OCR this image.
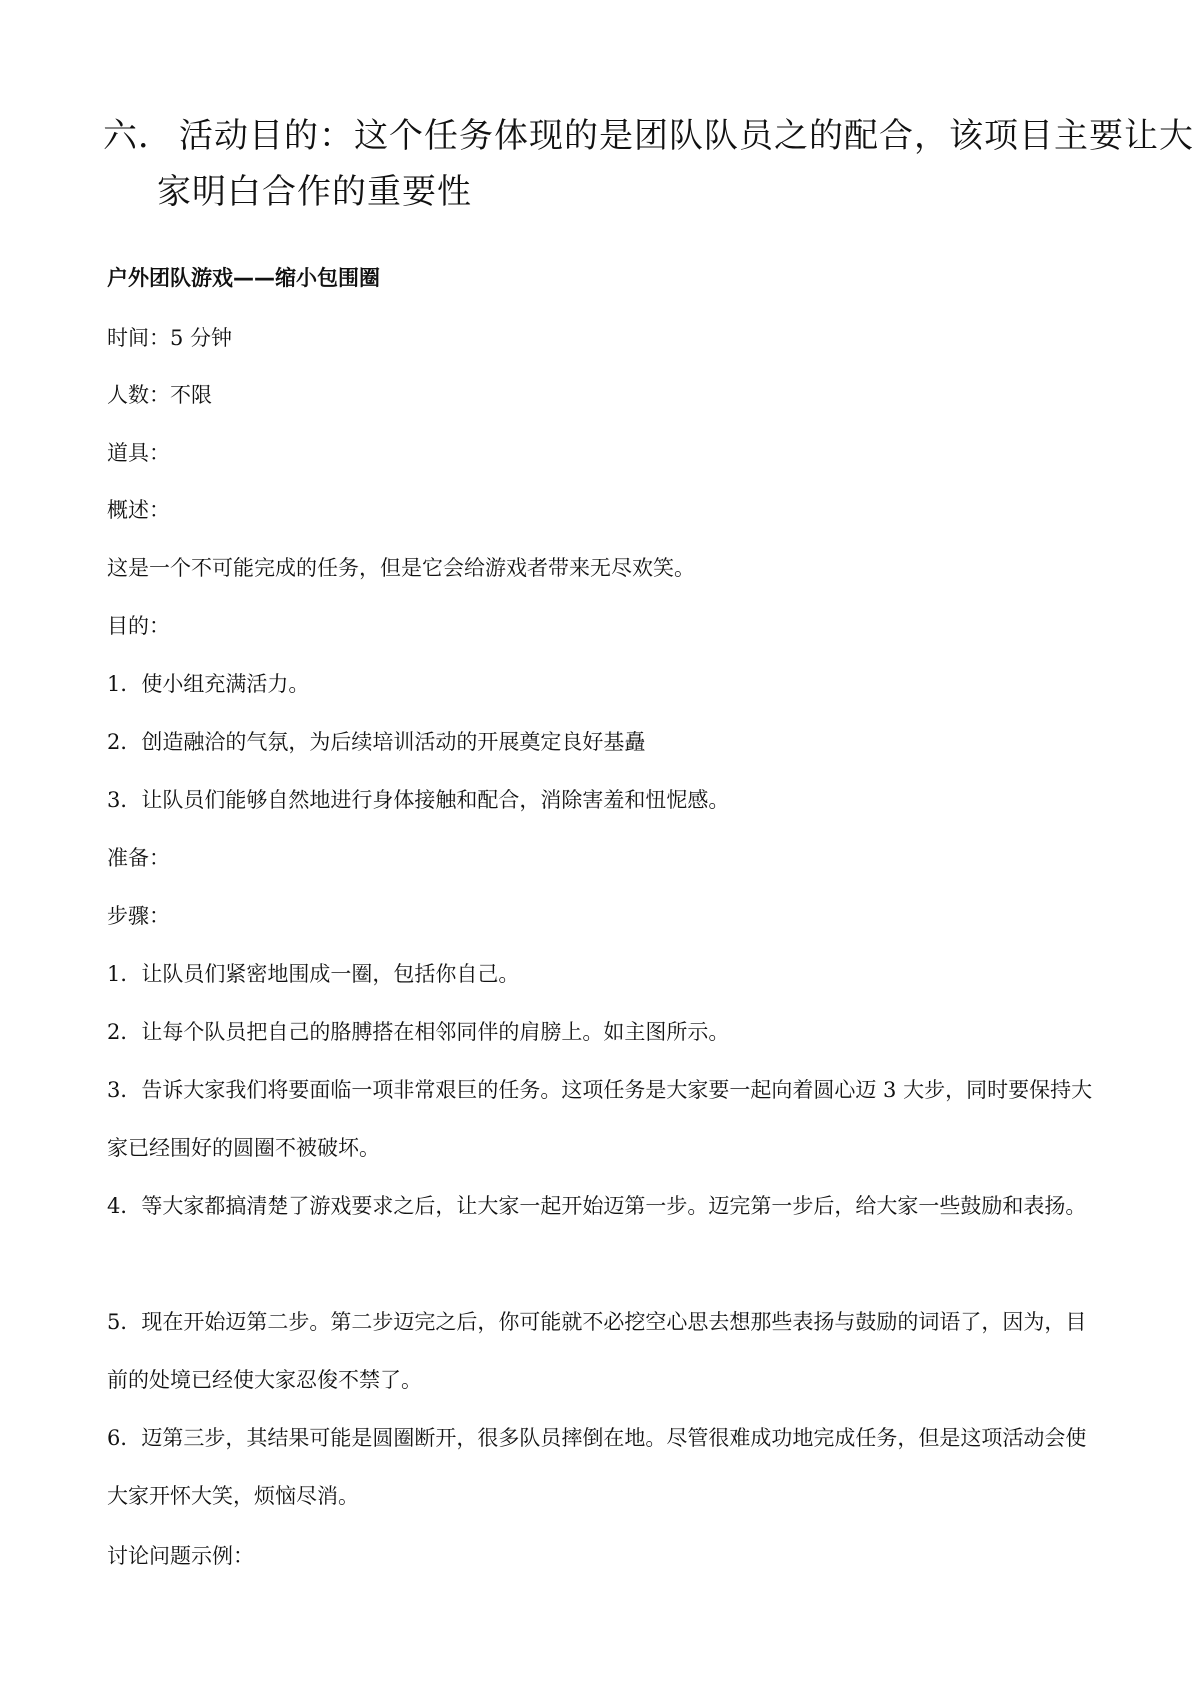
六． 活动目的：这个任务体现的是团队队员之的配合，该项目主要让大
家明白合作的重要性
户外团队游戏——缩小包围圈
时间：5 分钟
人数：不限
道具：
概述：
这是一个不可能完成的任务，但是它会给游戏者带来无尽欢笑。
目的：
1．使小组充满活力。
2．创造融洽的气氛，为后续培训活动的开展奠定良好基矗
3．让队员们能够自然地进行身体接触和配合，消除害羞和忸怩感。
准备：
步骤：
1．让队员们紧密地围成一圈，包括你自己。
2．让每个队员把自己的胳膊搭在相邻同伴的肩膀上。如主图所示。
3．告诉大家我们将要面临一项非常艰巨的任务。这项任务是大家要一起向着圆心迈 3 大步，同时要保持大家已经围好的圆圈不被破坏。
4．等大家都搞清楚了游戏要求之后，让大家一起开始迈第一步。迈完第一步后，给大家一些鼓励和表扬。
5．现在开始迈第二步。第二步迈完之后，你可能就不必挖空心思去想那些表扬与鼓励的词语了，因为，目前的处境已经使大家忍俊不禁了。
6．迈第三步，其结果可能是圆圈断开，很多队员摔倒在地。尽管很难成功地完成任务，但是这项活动会使大家开怀大笑，烦恼尽消。
讨论问题示例：
